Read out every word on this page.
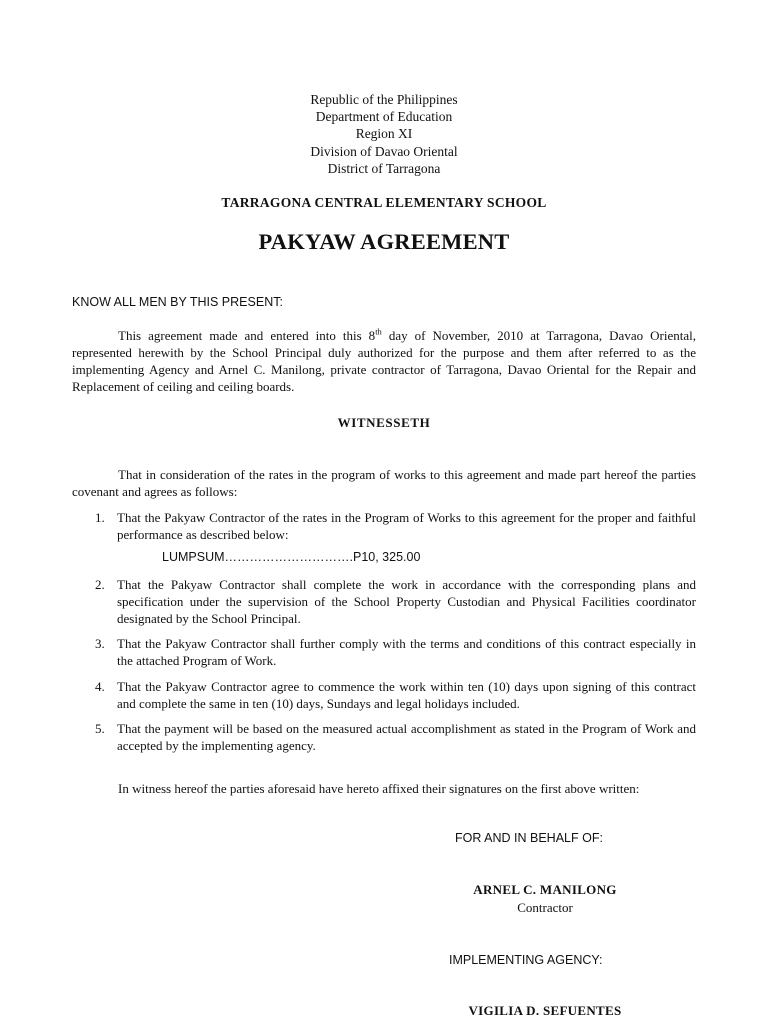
Republic of the Philippines
Department of Education
Region XI
Division of Davao Oriental
District of Tarragona
TARRAGONA CENTRAL ELEMENTARY SCHOOL
PAKYAW AGREEMENT
KNOW ALL MEN BY THIS PRESENT:
This agreement made and entered into this 8th day of November, 2010 at Tarragona, Davao Oriental, represented herewith by the School Principal duly authorized for the purpose and them after referred to as the implementing Agency and Arnel C. Manilong, private contractor of Tarragona, Davao Oriental for the Repair and Replacement of ceiling and ceiling boards.
WITNESSETH
That in consideration of the rates in the program of works to this agreement and made part hereof the parties covenant and agrees as follows:
1. That the Pakyaw Contractor of the rates in the Program of Works to this agreement for the proper and faithful performance as described below:
LUMPSUM………………………….P10, 325.00
2. That the Pakyaw Contractor shall complete the work in accordance with the corresponding plans and specification under the supervision of the School Property Custodian and Physical Facilities coordinator designated by the School Principal.
3. That the Pakyaw Contractor shall further comply with the terms and conditions of this contract especially in the attached Program of Work.
4. That the Pakyaw Contractor agree to commence the work within ten (10) days upon signing of this contract and complete the same in ten (10) days, Sundays and legal holidays included.
5. That the payment will be based on the measured actual accomplishment as stated in the Program of Work and accepted by the implementing agency.
In witness hereof the parties aforesaid have hereto affixed their signatures on the first above written:
FOR AND IN BEHALF OF:
ARNEL C. MANILONG
Contractor
IMPLEMENTING AGENCY:
VIGILIA D. SEFUENTES
